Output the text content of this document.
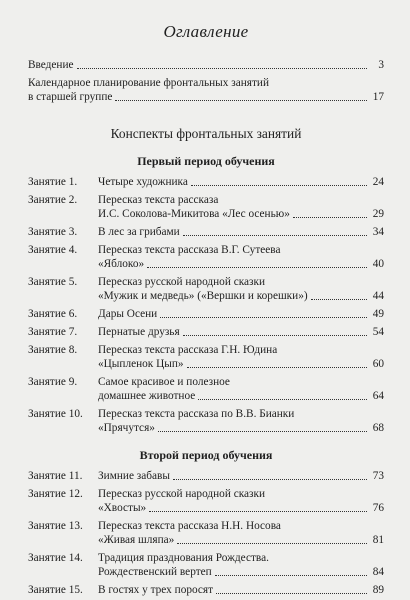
Оглавление
Введение	3
Календарное планирование фронтальных занятий
в старшей группе	17
Конспекты фронтальных занятий
Первый период обучения
Занятие 1.	Четыре художника	24
Занятие 2.	Пересказ текста рассказа
И.С. Соколова-Микитова «Лес осенью»	29
Занятие 3.	В лес за грибами	34
Занятие 4.	Пересказ текста рассказа В.Г. Сутеева
«Яблоко»	40
Занятие 5.	Пересказ русской народной сказки
«Мужик и медведь» («Вершки и корешки»)	44
Занятие 6.	Дары Осени	49
Занятие 7.	Пернатые друзья	54
Занятие 8.	Пересказ текста рассказа Г.Н. Юдина
«Цыпленок Цып»	60
Занятие 9.	Самое красивое и полезное
домашнее животное	64
Занятие 10.	Пересказ текста рассказа по В.В. Бианки
«Прячутся»	68
Второй период обучения
Занятие 11.	Зимние забавы	73
Занятие 12.	Пересказ русской народной сказки
«Хвосты»	76
Занятие 13.	Пересказ текста рассказа Н.Н. Носова
«Живая шляпа»	81
Занятие 14.	Традиция празднования Рождества.
Рождественский вертеп	84
Занятие 15.	В гостях у трех поросят	89
